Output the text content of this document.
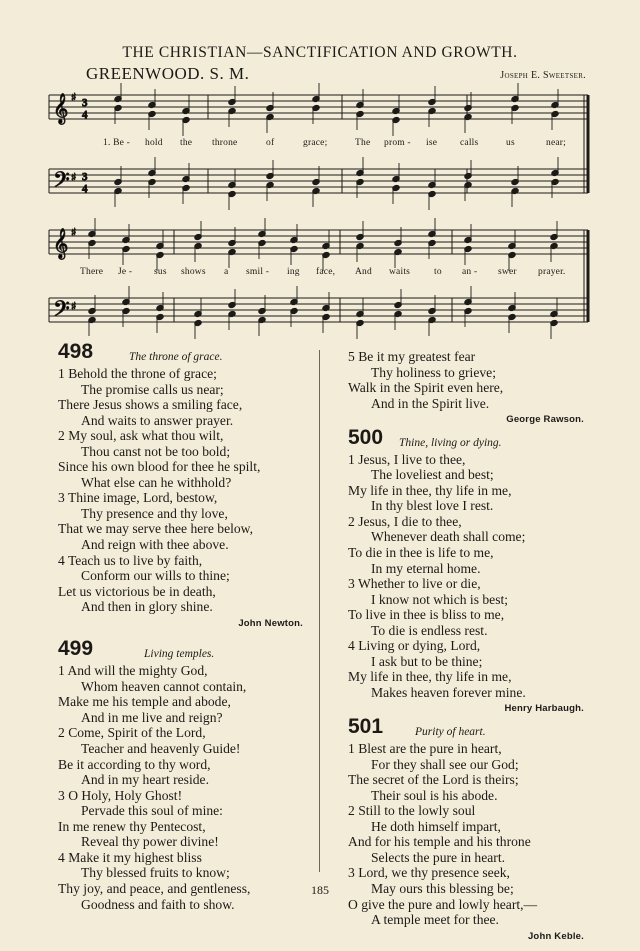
THE CHRISTIAN—SANCTIFICATION AND GROWTH.
GREENWOOD. S. M.	Joseph E. Sweetser.
𝄞 3
4
♯
𝄢 3
4
♯
𝄞 ♯
𝄢 ♯
1. Be - hold the throne	of	grace;	The prom - ise calls	us	near;
There Je - sus shows a smil - ing face, And waits	to an - swer prayer.
498	The throne of grace.
1 Behold the throne of grace;
The promise calls us near;
There Jesus shows a smiling face,
And waits to answer prayer.
2 My soul, ask what thou wilt,
Thou canst not be too bold;
Since his own blood for thee he spilt,
What else can he withhold?
3 Thine image, Lord, bestow,
Thy presence and thy love,
That we may serve thee here below,
And reign with thee above.
4 Teach us to live by faith,
Conform our wills to thine;
Let us victorious be in death,
And then in glory shine.
John Newton.
499	Living temples.
1 And will the mighty God,
Whom heaven cannot contain,
Make me his temple and abode,
And in me live and reign?
2 Come, Spirit of the Lord,
Teacher and heavenly Guide!
Be it according to thy word,
And in my heart reside.
3 O Holy, Holy Ghost!
Pervade this soul of mine:
In me renew thy Pentecost,
Reveal thy power divine!
4 Make it my highest bliss
Thy blessed fruits to know;
Thy joy, and peace, and gentleness,
Goodness and faith to show.
5 Be it my greatest fear
Thy holiness to grieve;
Walk in the Spirit even here,
And in the Spirit live.
George Rawson.
500 Thine, living or dying.
1 Jesus, I live to thee,
The loveliest and best;
My life in thee, thy life in me,
In thy blest love I rest.
2 Jesus, I die to thee,
Whenever death shall come;
To die in thee is life to me,
In my eternal home.
3 Whether to live or die,
I know not which is best;
To live in thee is bliss to me,
To die is endless rest.
4 Living or dying, Lord,
I ask but to be thine;
My life in thee, thy life in me,
Makes heaven forever mine.
Henry Harbaugh.
501	Purity of heart.
1 Blest are the pure in heart,
For they shall see our God;
The secret of the Lord is theirs;
Their soul is his abode.
2 Still to the lowly soul
He doth himself impart,
And for his temple and his throne
Selects the pure in heart.
3 Lord, we thy presence seek,
May ours this blessing be;
O give the pure and lowly heart,—
A temple meet for thee.
John Keble.
185
